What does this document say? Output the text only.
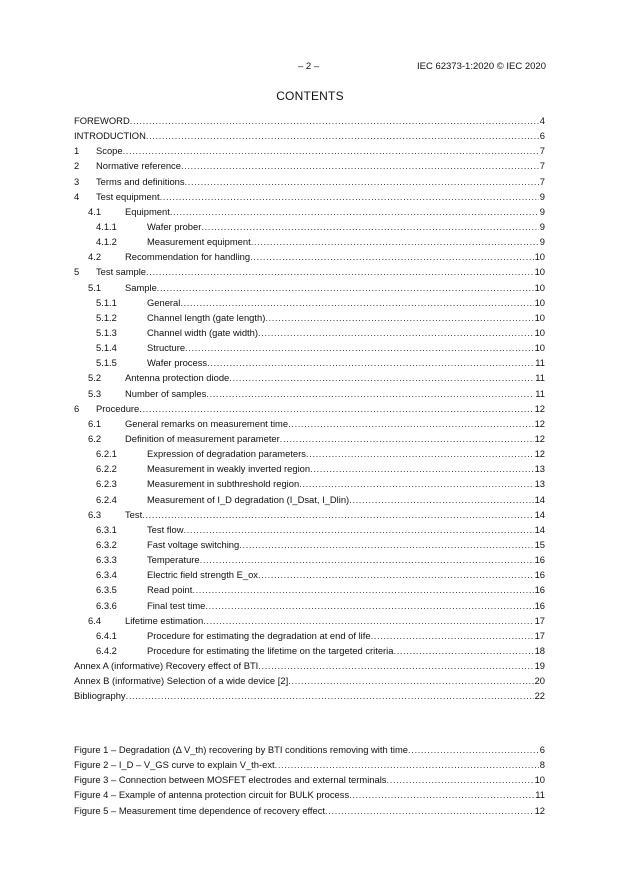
– 2 –	IEC 62373-1:2020 © IEC 2020
CONTENTS
FOREWORD .....	4
INTRODUCTION .....	6
1	Scope .....	7
2	Normative reference .....	7
3	Terms and definitions .....	7
4	Test equipment .....	9
4.1	Equipment .....	9
4.1.1	Wafer prober .....	9
4.1.2	Measurement equipment .....	9
4.2	Recommendation for handling .....	10
5	Test sample .....	10
5.1	Sample .....	10
5.1.1	General .....	10
5.1.2	Channel length (gate length) .....	10
5.1.3	Channel width (gate width) .....	10
5.1.4	Structure .....	10
5.1.5	Wafer process .....	11
5.2	Antenna protection diode .....	11
5.3	Number of samples .....	11
6	Procedure .....	12
6.1	General remarks on measurement time .....	12
6.2	Definition of measurement parameter .....	12
6.2.1	Expression of degradation parameters .....	12
6.2.2	Measurement in weakly inverted region .....	13
6.2.3	Measurement in subthreshold region .....	13
6.2.4	Measurement of I_D degradation (I_Dsat, I_Dlin) .....	14
6.3	Test .....	14
6.3.1	Test flow .....	14
6.3.2	Fast voltage switching .....	15
6.3.3	Temperature .....	16
6.3.4	Electric field strength E_ox .....	16
6.3.5	Read point .....	16
6.3.6	Final test time .....	16
6.4	Lifetime estimation .....	17
6.4.1	Procedure for estimating the degradation at end of life .....	17
6.4.2	Procedure for estimating the lifetime on the targeted criteria .....	18
Annex A (informative) Recovery effect of BTI .....	19
Annex B (informative) Selection of a wide device [2] .....	20
Bibliography .....	22
Figure 1 – Degradation (Δ V_th) recovering by BTI conditions removing with time .....	6
Figure 2 – I_D – V_GS curve to explain V_th-ext .....	8
Figure 3 – Connection between MOSFET electrodes and external terminals .....	10
Figure 4 – Example of antenna protection circuit for BULK process .....	11
Figure 5 – Measurement time dependence of recovery effect .....	12
